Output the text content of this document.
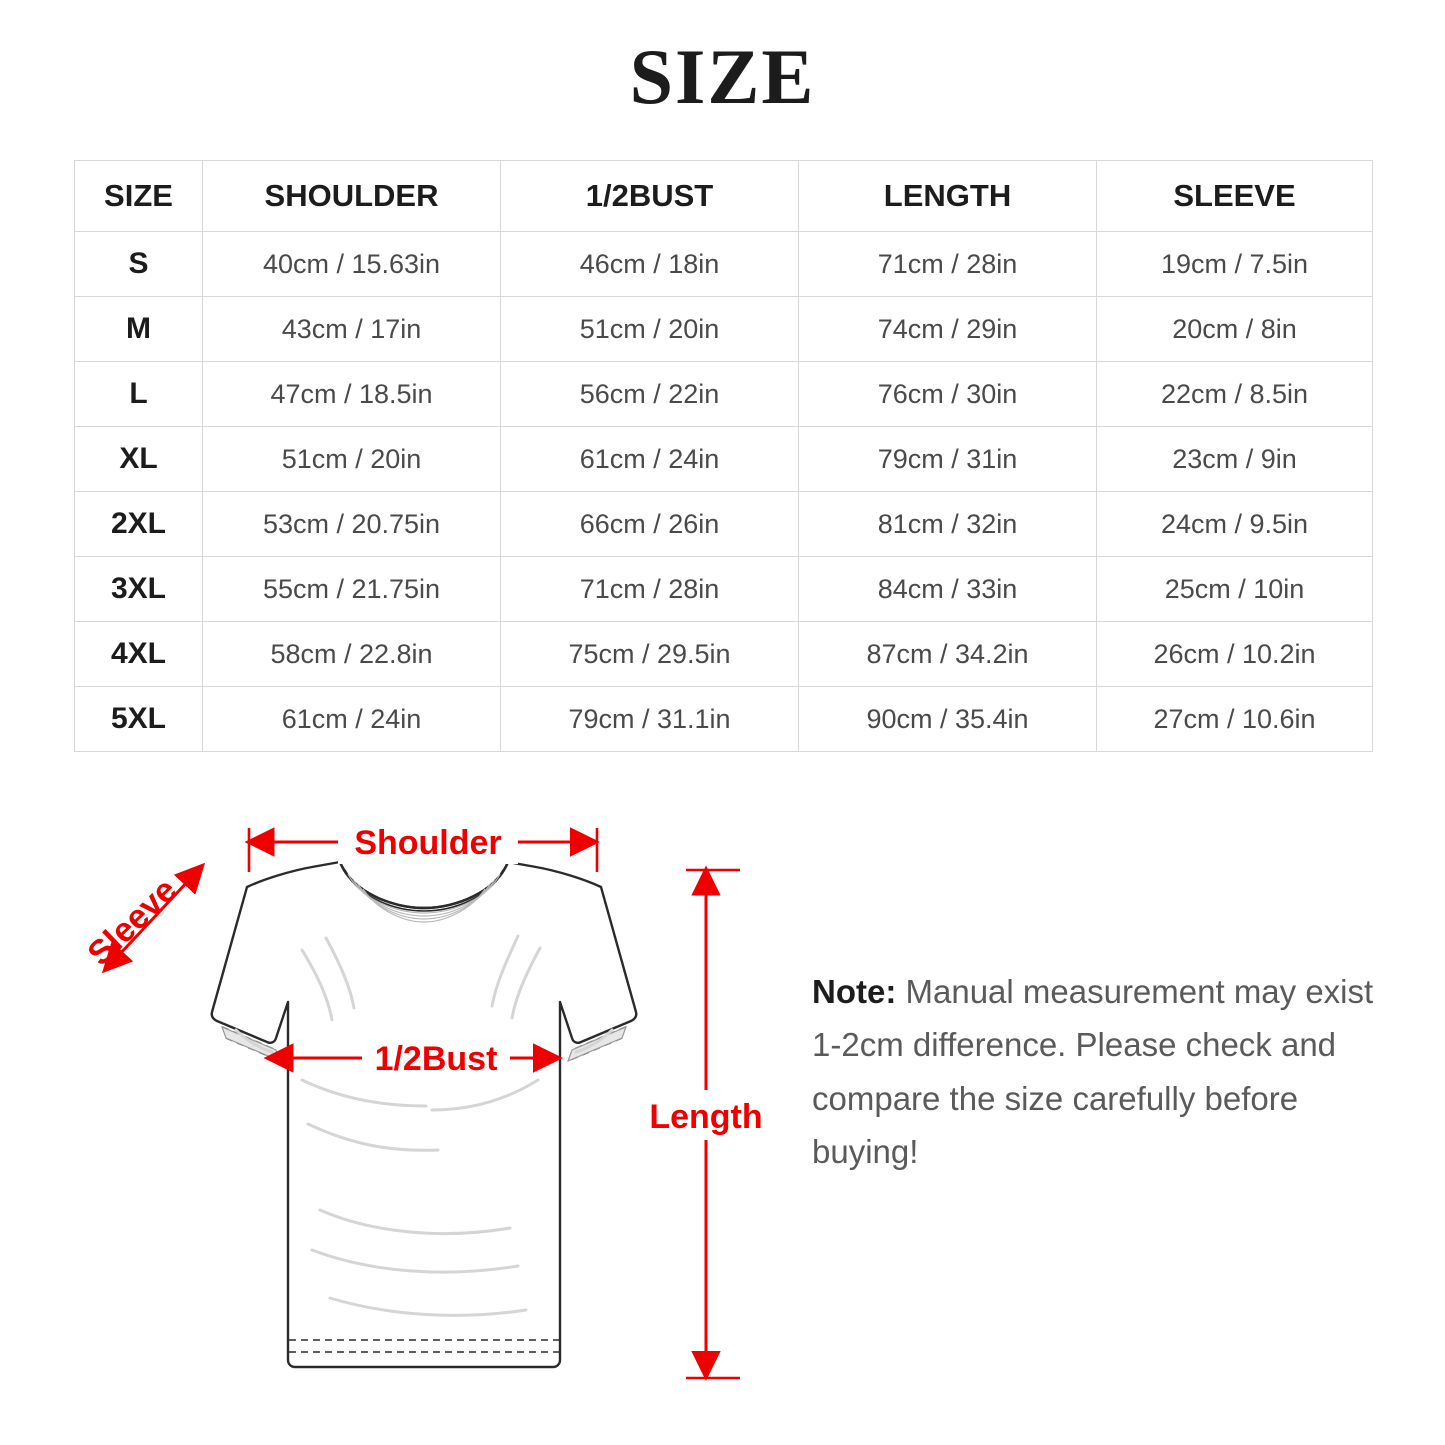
SIZE
SIZE	SHOULDER	1/2BUST	LENGTH	SLEEVE
S	40cm / 15.63in	46cm / 18in	71cm / 28in	19cm / 7.5in
M	43cm / 17in	51cm / 20in	74cm / 29in	20cm / 8in
L	47cm / 18.5in	56cm / 22in	76cm / 30in	22cm / 8.5in
XL	51cm / 20in	61cm / 24in	79cm / 31in	23cm / 9in
2XL	53cm / 20.75in	66cm / 26in	81cm / 32in	24cm / 9.5in
3XL	55cm / 21.75in	71cm / 28in	84cm / 33in	25cm / 10in
4XL	58cm / 22.8in	75cm / 29.5in	87cm / 34.2in	26cm / 10.2in
5XL	61cm / 24in	79cm / 31.1in	90cm / 35.4in	27cm / 10.6in
Shoulder
1/2Bust
Length
Sleeve
Note: Manual measurement may exist 1-2cm difference. Please check and compare the size carefully before buying!
